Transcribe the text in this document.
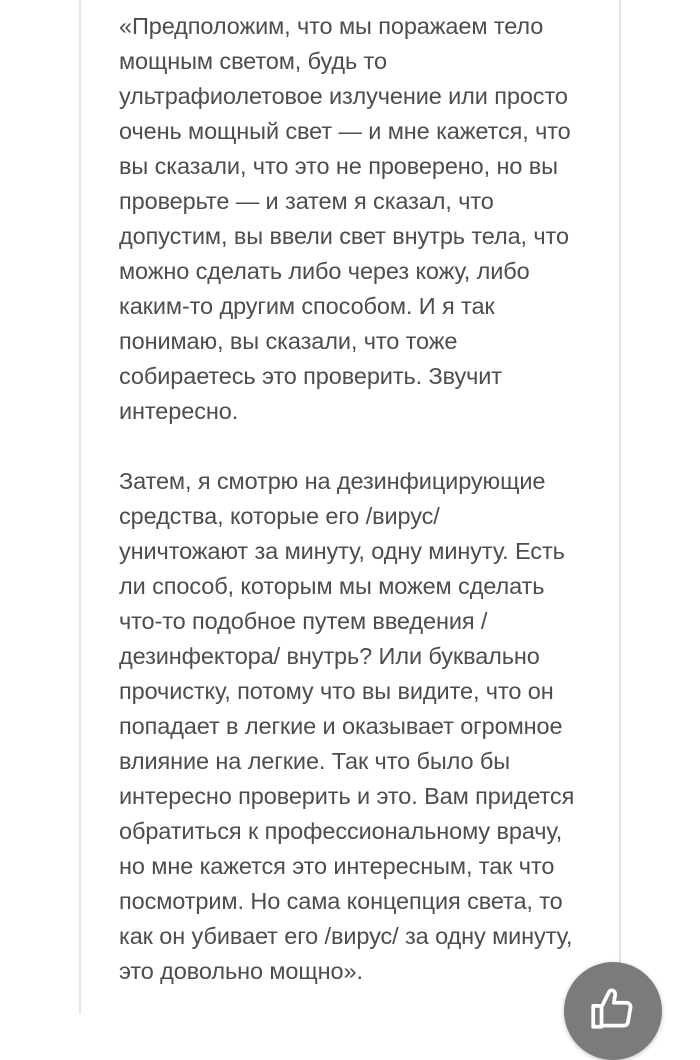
«Предположим, что мы поражаем тело
мощным светом, будь то
ультрафиолетовое излучение или просто
очень мощный свет — и мне кажется, что
вы сказали, что это не проверено, но вы
проверьте — и затем я сказал, что
допустим, вы ввели свет внутрь тела, что
можно сделать либо через кожу, либо
каким-то другим способом. И я так
понимаю, вы сказали, что тоже
собираетесь это проверить. Звучит
интересно.

Затем, я смотрю на дезинфицирующие
средства, которые его /вирус/
уничтожают за минуту, одну минуту. Есть
ли способ, которым мы можем сделать
что-то подобное путем введения /
дезинфектора/ внутрь? Или буквально
прочистку, потому что вы видите, что он
попадает в легкие и оказывает огромное
влияние на легкие. Так что было бы
интересно проверить и это. Вам придется
обратиться к профессиональному врачу,
но мне кажется это интересным, так что
посмотрим. Но сама концепция света, то
как он убивает его /вирус/ за одну минуту,
это довольно мощно».
